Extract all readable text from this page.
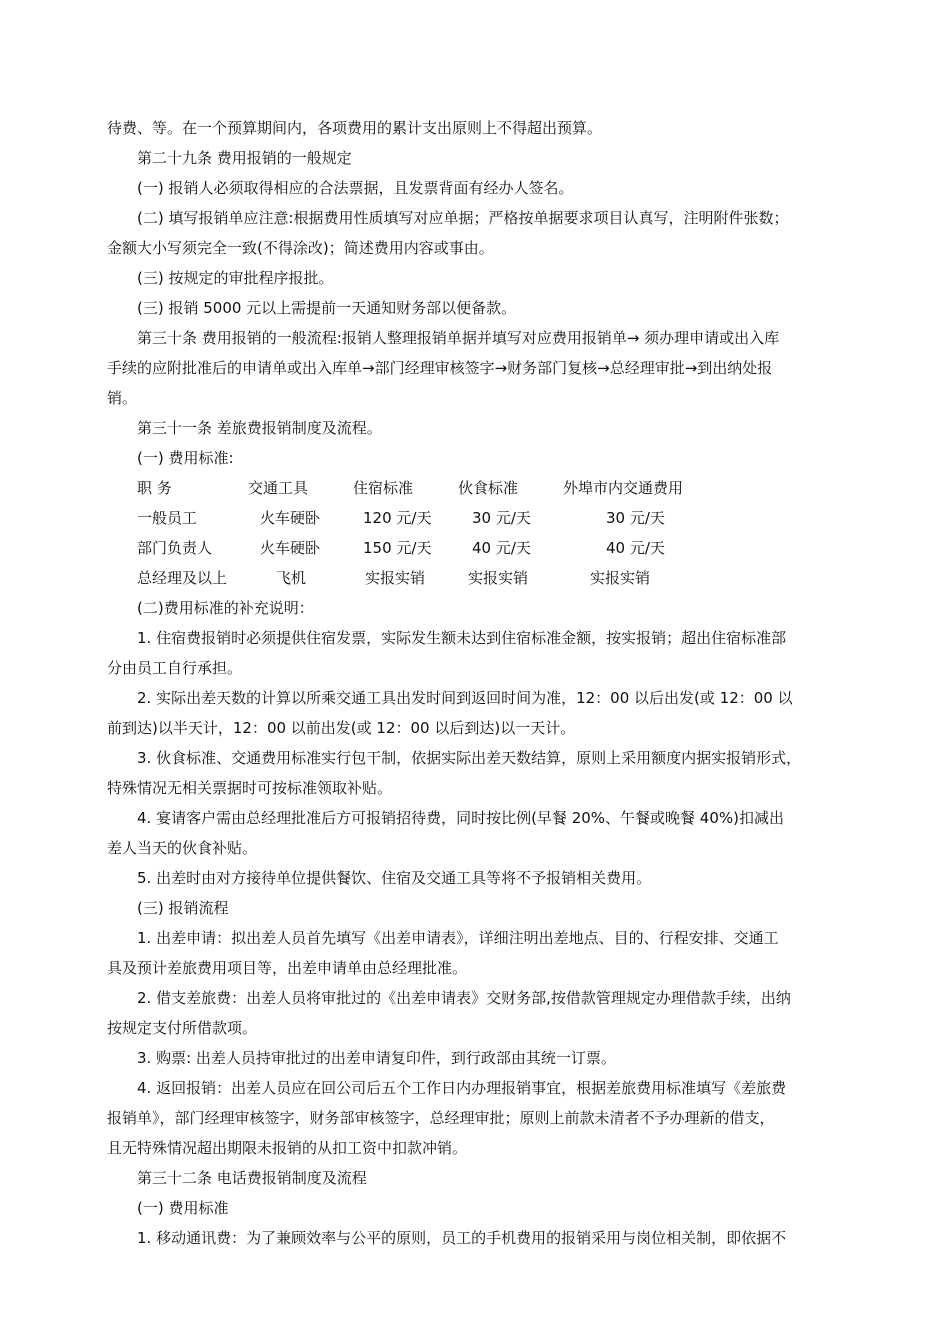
待费、等。在一个预算期间内，各项费用的累计支出原则上不得超出预算。
第二十九条 费用报销的一般规定
(一) 报销人必须取得相应的合法票据，且发票背面有经办人签名。
(二) 填写报销单应注意:根据费用性质填写对应单据；严格按单据要求项目认真写，注明附件张数；
金额大小写须完全一致(不得涂改)；简述费用内容或事由。
(三) 按规定的审批程序报批。
(三) 报销 5000 元以上需提前一天通知财务部以便备款。
第三十条 费用报销的一般流程:报销人整理报销单据并填写对应费用报销单→ 须办理申请或出入库
手续的应附批准后的申请单或出入库单→部门经理审核签字→财务部门复核→总经理审批→到出纳处报
销。
第三十一条 差旅费报销制度及流程。
(一) 费用标准:
职 务	交通工具	住宿标准	伙食标准	外埠市内交通费用
一般员工	火车硬卧	120 元/天	30 元/天	30 元/天
部门负责人	火车硬卧	150 元/天	40 元/天	40 元/天
总经理及以上	飞机	实报实销	实报实销	实报实销
(二)费用标准的补充说明：
1. 住宿费报销时必须提供住宿发票，实际发生额未达到住宿标准金额，按实报销；超出住宿标准部
分由员工自行承担。
2. 实际出差天数的计算以所乘交通工具出发时间到返回时间为准，12：00 以后出发(或 12：00 以
前到达)以半天计，12：00 以前出发(或 12：00 以后到达)以一天计。
3. 伙食标准、交通费用标准实行包干制，依据实际出差天数结算，原则上采用额度内据实报销形式，
特殊情况无相关票据时可按标准领取补贴。
4. 宴请客户需由总经理批准后方可报销招待费，同时按比例(早餐 20%、午餐或晚餐 40%)扣减出
差人当天的伙食补贴。
5. 出差时由对方接待单位提供餐饮、住宿及交通工具等将不予报销相关费用。
(三) 报销流程
1. 出差申请：拟出差人员首先填写《出差申请表》，详细注明出差地点、目的、行程安排、交通工
具及预计差旅费用项目等，出差申请单由总经理批准。
2. 借支差旅费：出差人员将审批过的《出差申请表》交财务部,按借款管理规定办理借款手续，出纳
按规定支付所借款项。
3. 购票: 出差人员持审批过的出差申请复印件，到行政部由其统一订票。
4. 返回报销：出差人员应在回公司后五个工作日内办理报销事宜，根据差旅费用标准填写《差旅费
报销单》，部门经理审核签字，财务部审核签字，总经理审批；原则上前款未清者不予办理新的借支，
且无特殊情况超出期限未报销的从扣工资中扣款冲销。
第三十二条 电话费报销制度及流程
(一) 费用标准
1. 移动通讯费：为了兼顾效率与公平的原则，员工的手机费用的报销采用与岗位相关制，即依据不
